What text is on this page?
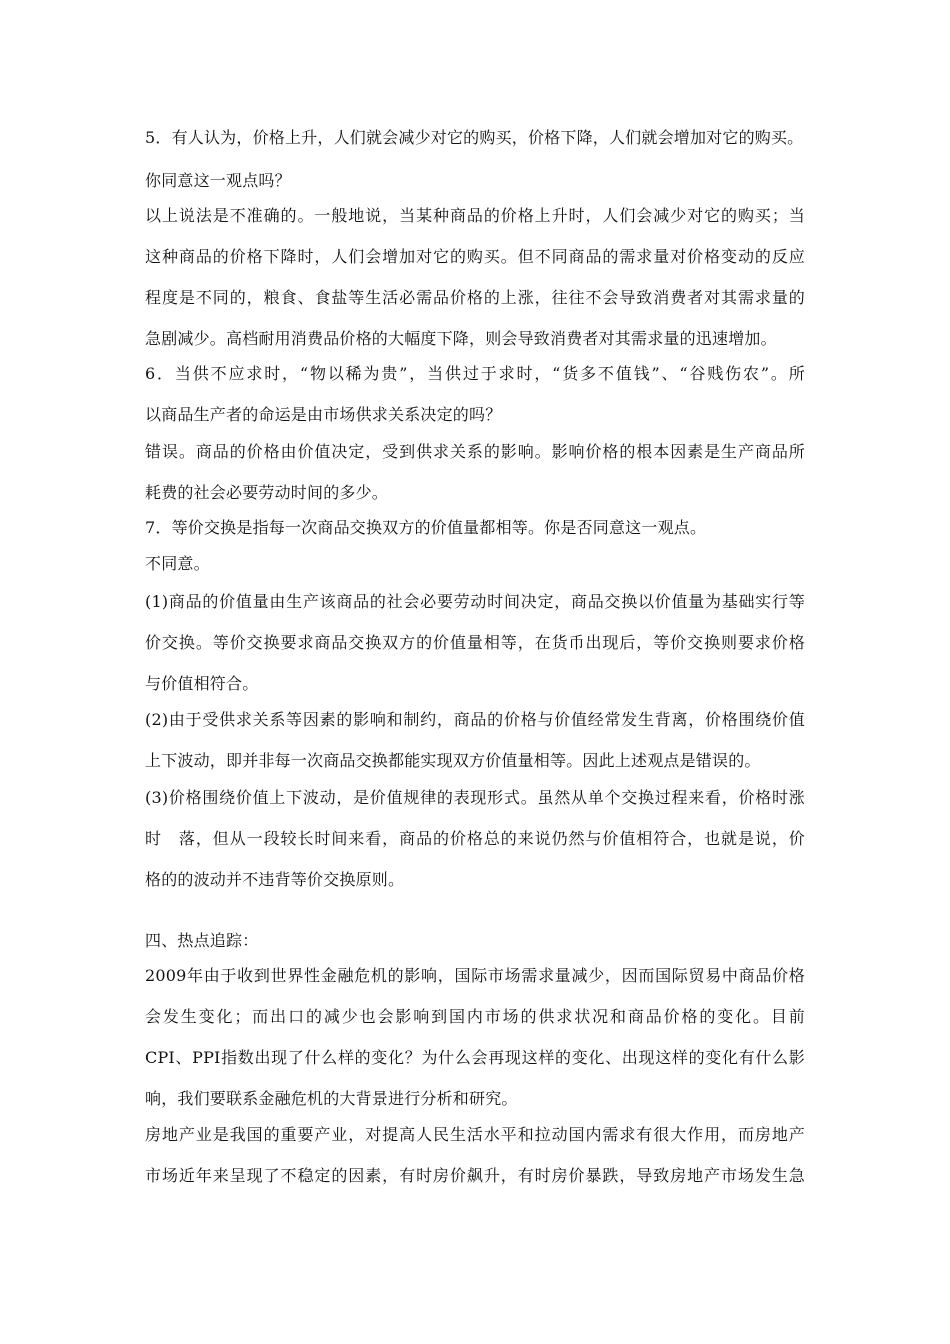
5．有人认为，价格上升，人们就会减少对它的购买，价格下降，人们就会增加对它的购买。
你同意这一观点吗？
以上说法是不准确的。一般地说，当某种商品的价格上升时，人们会减少对它的购买；当
这种商品的价格下降时，人们会增加对它的购买。但不同商品的需求量对价格变动的反应
程度是不同的，粮食、食盐等生活必需品价格的上涨，往往不会导致消费者对其需求量的
急剧减少。高档耐用消费品价格的大幅度下降，则会导致消费者对其需求量的迅速增加。
6．当供不应求时，“物以稀为贵”，当供过于求时，“货多不值钱”、“谷贱伤农”。所
以商品生产者的命运是由市场供求关系决定的吗？
错误。商品的价格由价值决定，受到供求关系的影响。影响价格的根本因素是生产商品所
耗费的社会必要劳动时间的多少。
7．等价交换是指每一次商品交换双方的价值量都相等。你是否同意这一观点。
不同意。
(1)商品的价值量由生产该商品的社会必要劳动时间决定，商品交换以价值量为基础实行等
价交换。等价交换要求商品交换双方的价值量相等，在货币出现后，等价交换则要求价格
与价值相符合。
(2)由于受供求关系等因素的影响和制约，商品的价格与价值经常发生背离，价格围绕价值
上下波动，即并非每一次商品交换都能实现双方价值量相等。因此上述观点是错误的。
(3)价格围绕价值上下波动，是价值规律的表现形式。虽然从单个交换过程来看，价格时涨
时　落，但从一段较长时间来看，商品的价格总的来说仍然与价值相符合，也就是说，价
格的的波动并不违背等价交换原则。
四、热点追踪：
2009年由于收到世界性金融危机的影响，国际市场需求量减少，因而国际贸易中商品价格
会发生变化；而出口的减少也会影响到国内市场的供求状况和商品价格的变化。目前
CPI、PPI指数出现了什么样的变化？为什么会再现这样的变化、出现这样的变化有什么影
响，我们要联系金融危机的大背景进行分析和研究。
房地产业是我国的重要产业，对提高人民生活水平和拉动国内需求有很大作用，而房地产
市场近年来呈现了不稳定的因素，有时房价飙升，有时房价暴跌，导致房地产市场发生急
